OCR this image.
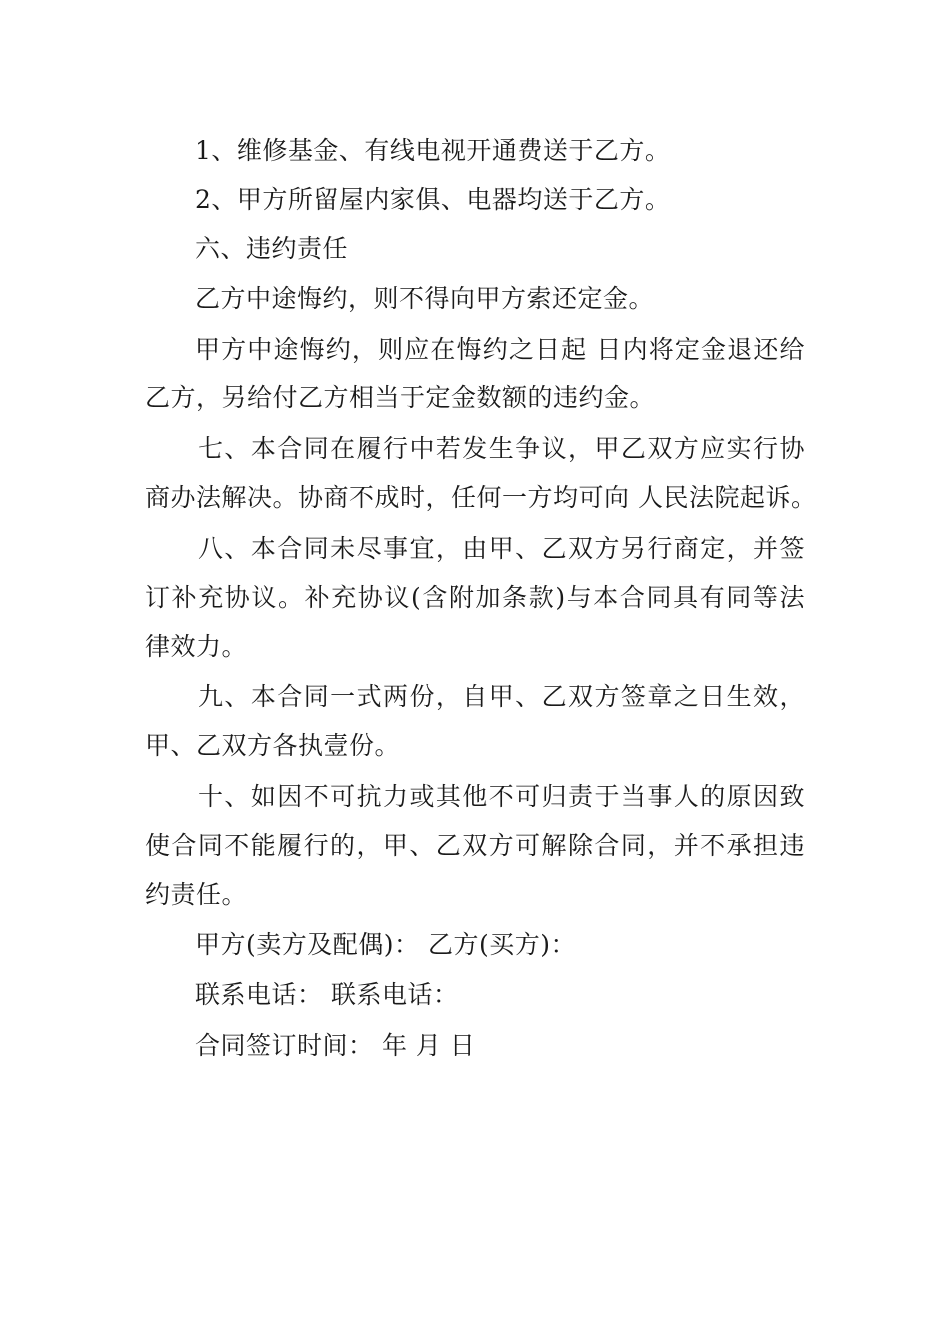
1、维修基金、有线电视开通费送于乙方。
2、甲方所留屋内家俱、电器均送于乙方。
六、违约责任
乙方中途悔约，则不得向甲方索还定金。
甲方中途悔约，则应在悔约之日起 日内将定金退还给
乙方，另给付乙方相当于定金数额的违约金。
七、本合同在履行中若发生争议，甲乙双方应实行协
商办法解决。协商不成时，任何一方均可向 人民法院起诉。
八、本合同未尽事宜，由甲、乙双方另行商定，并签
订补充协议。补充协议(含附加条款)与本合同具有同等法
律效力。
九、本合同一式两份，自甲、乙双方签章之日生效，
甲、乙双方各执壹份。
十、如因不可抗力或其他不可归责于当事人的原因致
使合同不能履行的，甲、乙双方可解除合同，并不承担违
约责任。
甲方(卖方及配偶)： 乙方(买方)：
联系电话： 联系电话：
合同签订时间： 年 月 日
